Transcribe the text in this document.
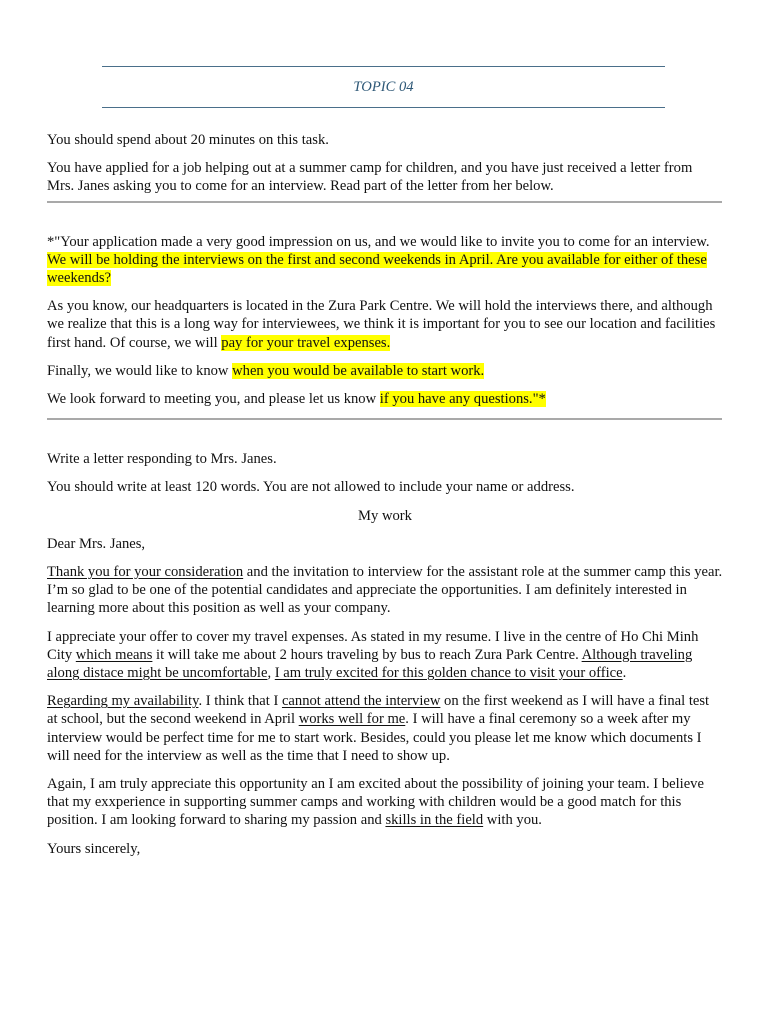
TOPIC 04

You should spend about 20 minutes on this task.

You have applied for a job helping out at a summer camp for children, and you have just received a letter from Mrs. Janes asking you to come for an interview. Read part of the letter from her below.

*"Your application made a very good impression on us, and we would like to invite you to come for an interview. We will be holding the interviews on the first and second weekends in April. Are you available for either of these weekends?

As you know, our headquarters is located in the Zura Park Centre. We will hold the interviews there, and although we realize that this is a long way for interviewees, we think it is important for you to see our location and facilities first hand. Of course, we will pay for your travel expenses.

Finally, we would like to know when you would be available to start work.

We look forward to meeting you, and please let us know if you have any questions."*

Write a letter responding to Mrs. Janes.

You should write at least 120 words. You are not allowed to include your name or address.

My work

Dear Mrs. Janes,

Thank you for your consideration and the invitation to interview for the assistant role at the summer camp this year. I’m so glad to be one of the potential candidates and appreciate the opportunities. I am definitely interested in learning more about this position as well as your company.

I appreciate your offer to cover my travel expenses. As stated in my resume. I live in the centre of Ho Chi Minh City which means it will take me about 2 hours traveling by bus to reach Zura Park Centre. Although traveling along distace might be uncomfortable, I am truly excited for this golden chance to visit your office.

Regarding my availability. I think that I cannot attend the interview on the first weekend as I will have a final test at school, but the second weekend in April works well for me. I will have a final ceremony so a week after my interview would be perfect time for me to start work. Besides, could you please let me know which documents I will need for the interview as well as the time that I need to show up.

Again, I am truly appreciate this opportunity an I am excited about the possibility of joining your team. I believe that my exxperience in supporting summer camps and working with children would be a good match for this position. I am looking forward to sharing my passion and skills in the field with you.

Yours sincerely,
